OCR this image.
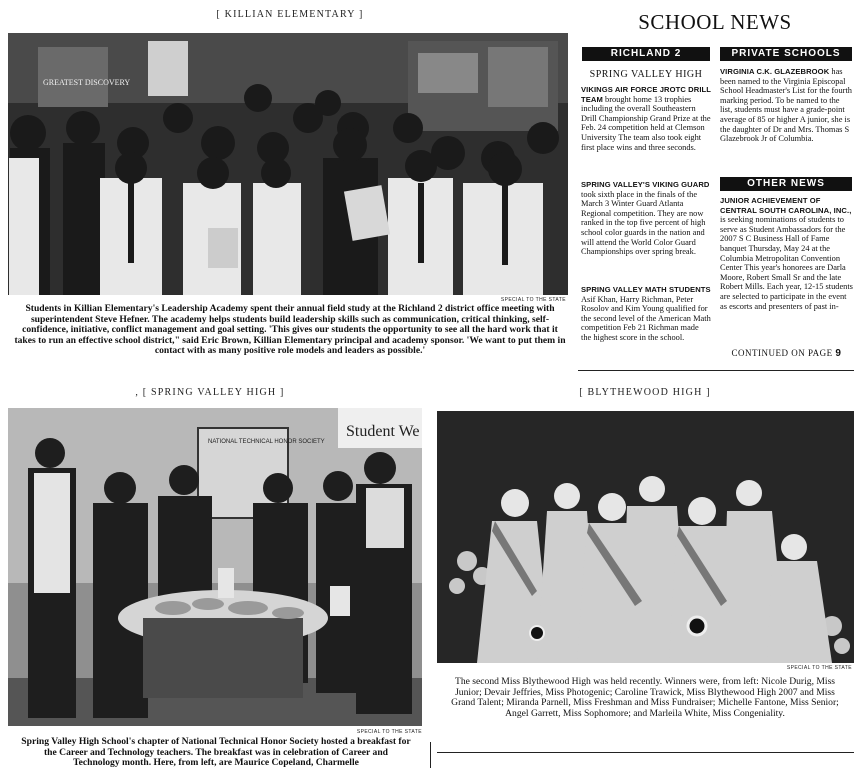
[ KILLIAN ELEMENTARY ]
GREATEST DISCOVERY
SPECIAL TO THE STATE
Students in Killian Elementary's Leadership Academy spent their annual field study at the Richland 2 district office meeting with superintendent Steve Hefner. The academy helps students build leadership skills such as communication, critical thinking, self-confidence, initiative, conflict management and goal setting. 'This gives our students the opportunity to see all the hard work that it takes to run an effective school district," said Eric Brown, Killian Elementary principal and academy sponsor. 'We want to put them in contact with as many positive role models and leaders as possible.'
SCHOOL NEWS
RICHLAND 2	PRIVATE SCHOOLS
SPRING VALLEY HIGH
VIKINGS AIR FORCE JROTC DRILL TEAM brought home 13 trophies including the overall Southeastern Drill Championship Grand Prize at the Feb. 24 competition held at Clemson University The team also took eight first place wins and three seconds.
SPRING VALLEY'S VIKING GUARD took sixth place in the finals of the March 3 Winter Guard Atlanta Regional competition. They are now ranked in the top five percent of high school color guards in the nation and will attend the World Color Guard Championships over spring break.
SPRING VALLEY MATH STUDENTS Asif Khan, Harry Richman, Peter Rosolov and Kim Young qualified for the second level of the American Math competition Feb 21 Richman made the highest score in the school.
VIRGINIA C.K. GLAZEBROOK has been named to the Virginia Episcopal School Headmaster's List for the fourth marking period. To be named to the list, students must have a grade-point average of 85 or higher A junior, she is the daughter of Dr and Mrs. Thomas S Glazebrook Jr of Columbia.
OTHER NEWS
JUNIOR ACHIEVEMENT OF CENTRAL SOUTH CAROLINA, INC., is seeking nominations of students to serve as Student Ambassadors for the 2007 S C Business Hall of Fame banquet Thursday, May 24 at the Columbia Metropolitan Convention Center This year's honorees are Darla Moore, Robert Small Sr and the late Robert Mills. Each year, 12-15 students are selected to participate in the event as escorts and presenters of past in-
CONTINUED ON PAGE 9
, [ SPRING VALLEY HIGH ]
NATIONAL TECHNICAL HONOR SOCIETY
Student We
SPECIAL TO THE STATE
Spring Valley High School's chapter of National Technical Honor Society hosted a breakfast for the Career and Technology teachers. The breakfast was in celebration of Career and Technology month. Here, from left, are Maurice Copeland, Charmelle
[ BLYTHEWOOD HIGH ]
SPECIAL TO THE STATE
The second Miss Blythewood High was held recently. Winners were, from left: Nicole Durig, Miss Junior; Devair Jeffries, Miss Photogenic; Caroline Trawick, Miss Blythewood High 2007 and Miss Grand Talent; Miranda Parnell, Miss Freshman and Miss Fundraiser; Michelle Fantone, Miss Senior; Angel Garrett, Miss Sophomore; and Marleila White, Miss Congeniality.
